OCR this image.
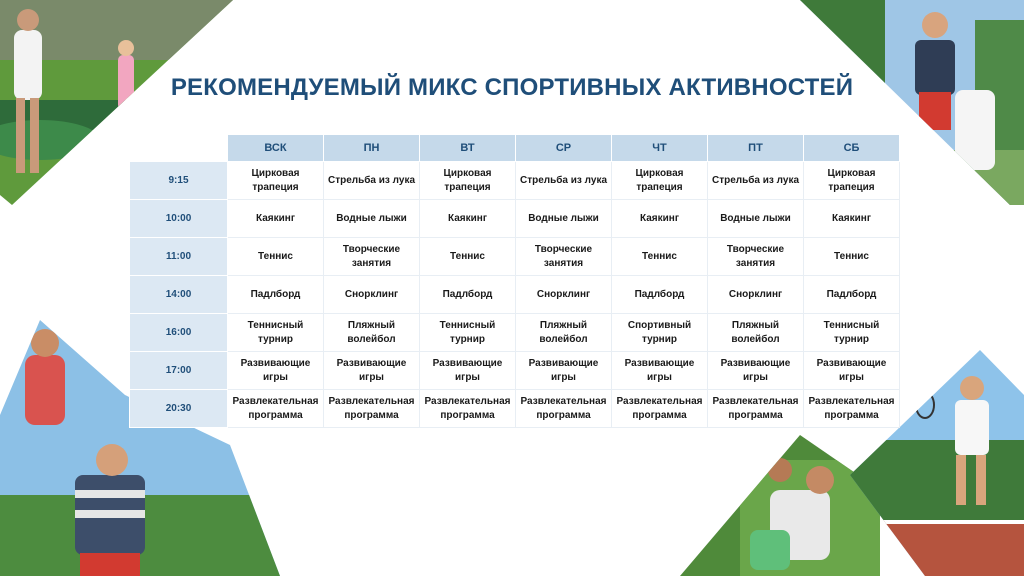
РЕКОМЕНДУЕМЫЙ МИКС СПОРТИВНЫХ АКТИВНОСТЕЙ
	ВСК	ПН	ВТ	СР	ЧТ	ПТ	СБ
9:15	Цирковая трапеция	Стрельба из лука	Цирковая трапеция	Стрельба из лука	Цирковая трапеция	Стрельба из лука	Цирковая трапеция
10:00	Каякинг	Водные лыжи	Каякинг	Водные лыжи	Каякинг	Водные лыжи	Каякинг
11:00	Теннис	Творческие занятия	Теннис	Творческие занятия	Теннис	Творческие занятия	Теннис
14:00	Падлборд	Снорклинг	Падлборд	Снорклинг	Падлборд	Снорклинг	Падлборд
16:00	Теннисный турнир	Пляжный волейбол	Теннисный турнир	Пляжный волейбол	Спортивный турнир	Пляжный волейбол	Теннисный турнир
17:00	Развивающие игры	Развивающие игры	Развивающие игры	Развивающие игры	Развивающие игры	Развивающие игры	Развивающие игры
20:30	Развлекательная программа	Развлекательная программа	Развлекательная программа	Развлекательная программа	Развлекательная программа	Развлекательная программа	Развлекательная программа
